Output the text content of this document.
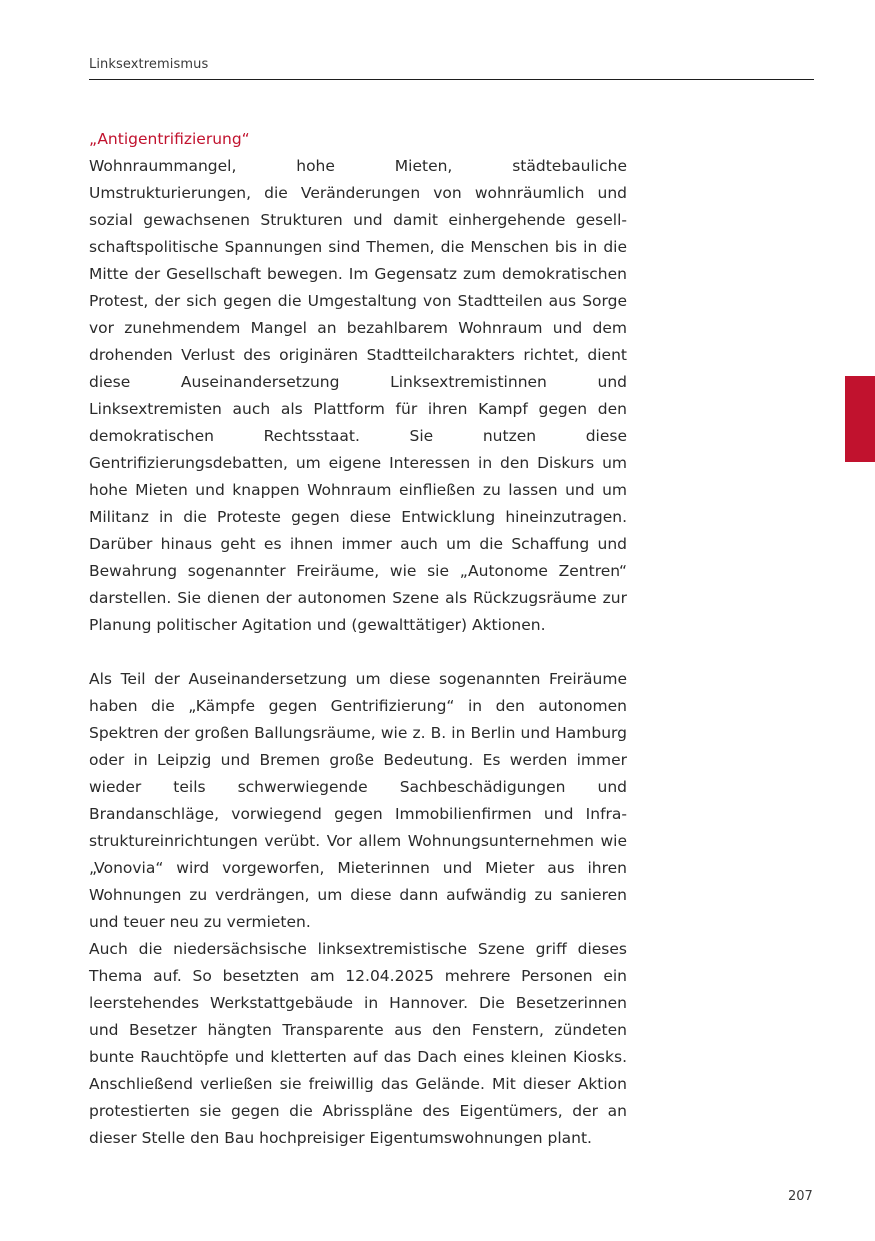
Linksextremismus
„Antigentrifizierung“

Wohnraummangel, hohe Mieten, städtebauliche Umstrukturierungen, die Veränderungen von wohnräumlich und sozial gewachsenen Strukturen und damit einhergehende gesellschaftspolitische Spannungen sind Themen, die Menschen bis in die Mitte der Gesellschaft bewegen. Im Gegensatz zum demokratischen Protest, der sich gegen die Umgestaltung von Stadtteilen aus Sorge vor zunehmendem Mangel an bezahlbarem Wohnraum und dem drohenden Verlust des originären Stadtteilcharakters richtet, dient diese Auseinandersetzung Linksextremistinnen und Linksextremisten auch als Plattform für ihren Kampf gegen den demokratischen Rechtsstaat. Sie nutzen diese Gentrifizierungsdebatten, um eigene Interessen in den Diskurs um hohe Mieten und knappen Wohnraum einfließen zu lassen und um Militanz in die Proteste gegen diese Entwicklung hineinzutragen. Darüber hinaus geht es ihnen immer auch um die Schaffung und Bewahrung sogenannter Freiräume, wie sie „Autonome Zentren“ darstellen. Sie dienen der autonomen Szene als Rückzugsräume zur Planung politischer Agitation und (gewalttätiger) Aktionen.

Als Teil der Auseinandersetzung um diese sogenannten Freiräume haben die „Kämpfe gegen Gentrifizierung“ in den autonomen Spektren der großen Ballungsräume, wie z. B. in Berlin und Hamburg oder in Leipzig und Bremen große Bedeutung. Es werden immer wieder teils schwerwiegende Sachbeschädigungen und Brandanschläge, vorwiegend gegen Immobilienfirmen und Infrastruktureinrichtungen verübt. Vor allem Wohnungsunternehmen wie „Vonovia“ wird vorgeworfen, Mieterinnen und Mieter aus ihren Wohnungen zu verdrängen, um diese dann aufwändig zu sanieren und teuer neu zu vermieten.

Auch die niedersächsische linksextremistische Szene griff dieses Thema auf. So besetzten am 12.04.2025 mehrere Personen ein leerstehendes Werkstattgebäude in Hannover. Die Besetzerinnen und Besetzer hängten Transparente aus den Fenstern, zündeten bunte Rauchtöpfe und kletterten auf das Dach eines kleinen Kiosks. Anschließend verließen sie freiwillig das Gelände. Mit dieser Aktion protestierten sie gegen die Abrisspläne des Eigentümers, der an dieser Stelle den Bau hochpreisiger Eigentumswohnungen plant.

207
